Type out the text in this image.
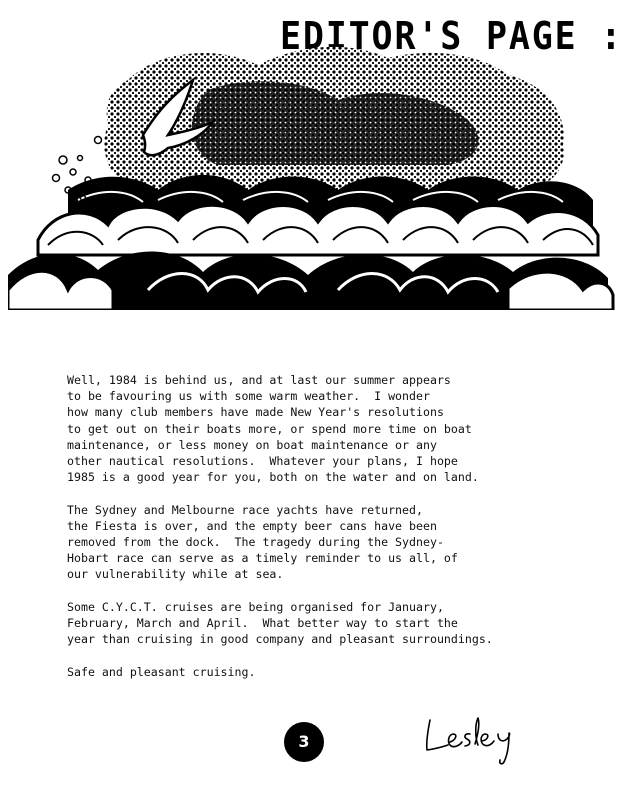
EDITOR'S PAGE :

Well, 1984 is behind us, and at last our summer appears
to be favouring us with some warm weather.  I wonder
how many club members have made New Year's resolutions
to get out on their boats more, or spend more time on boat
maintenance, or less money on boat maintenance or any
other nautical resolutions.  Whatever your plans, I hope
1985 is a good year for you, both on the water and on land.

The Sydney and Melbourne race yachts have returned,
the Fiesta is over, and the empty beer cans have been
removed from the dock.  The tragedy during the Sydney-
Hobart race can serve as a timely reminder to us all, of
our vulnerability while at sea.

Some C.Y.C.T. cruises are being organised for January,
February, March and April.  What better way to start the
year than cruising in good company and pleasant surroundings.

Safe and pleasant cruising.

3
